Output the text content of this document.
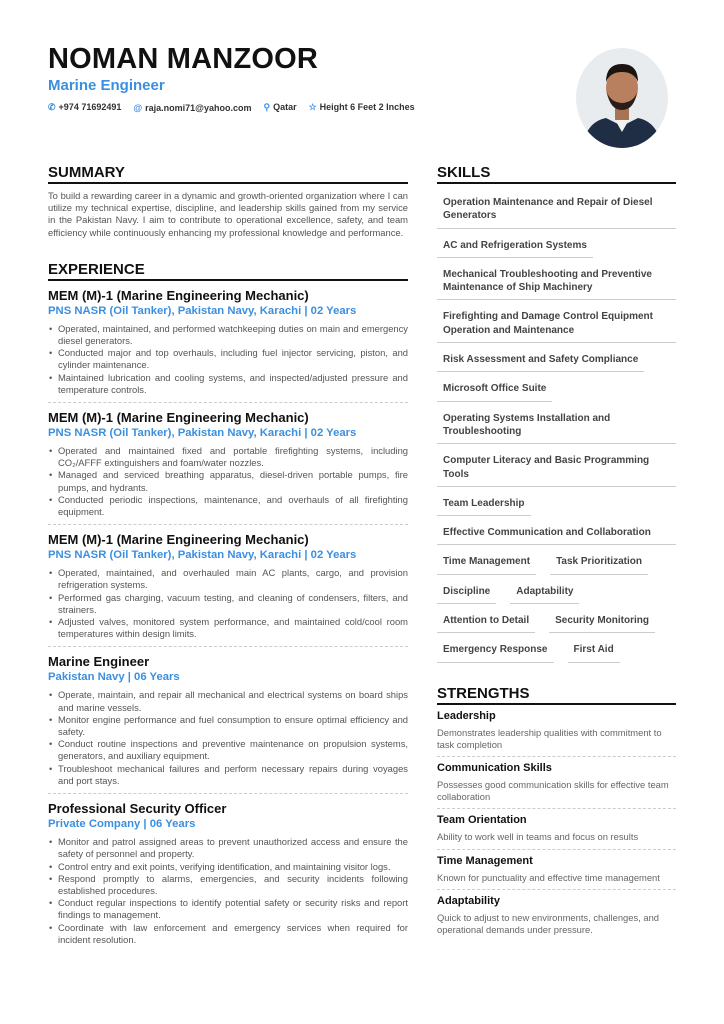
NOMAN MANZOOR
Marine Engineer
✆ +974 71692491 @ raja.nomi71@yahoo.com ⚲ Qatar ☆ Height 6 Feet 2 Inches
SUMMARY

To build a rewarding career in a dynamic and growth-oriented organization where I can utilize my technical expertise, discipline, and leadership skills gained from my service in the Pakistan Navy. I aim to contribute to operational excellence, safety, and team efficiency while continuously enhancing my professional knowledge and performance.

EXPERIENCE
MEM (M)-1 (Marine Engineering Mechanic)
PNS NASR (Oil Tanker), Pakistan Navy, Karachi | 02 Years
• Operated, maintained, and performed watchkeeping duties on main and emergency diesel generators.
• Conducted major and top overhauls, including fuel injector servicing, piston, and cylinder maintenance.
• Maintained lubrication and cooling systems, and inspected/adjusted pressure and temperature controls.
MEM (M)-1 (Marine Engineering Mechanic)
PNS NASR (Oil Tanker), Pakistan Navy, Karachi | 02 Years
• Operated and maintained fixed and portable firefighting systems, including CO₂/AFFF extinguishers and foam/water nozzles.
• Managed and serviced breathing apparatus, diesel-driven portable pumps, fire pumps, and hydrants.
• Conducted periodic inspections, maintenance, and overhauls of all firefighting equipment.
MEM (M)-1 (Marine Engineering Mechanic)
PNS NASR (Oil Tanker), Pakistan Navy, Karachi | 02 Years
• Operated, maintained, and overhauled main AC plants, cargo, and provision refrigeration systems.
• Performed gas charging, vacuum testing, and cleaning of condensers, filters, and strainers.
• Adjusted valves, monitored system performance, and maintained cold/cool room temperatures within design limits.
Marine Engineer
Pakistan Navy | 06 Years
• Operate, maintain, and repair all mechanical and electrical systems on board ships and marine vessels.
• Monitor engine performance and fuel consumption to ensure optimal efficiency and safety.
• Conduct routine inspections and preventive maintenance on propulsion systems, generators, and auxiliary equipment.
• Troubleshoot mechanical failures and perform necessary repairs during voyages and port stays.
Professional Security Officer
Private Company | 06 Years
• Monitor and patrol assigned areas to prevent unauthorized access and ensure the safety of personnel and property.
• Control entry and exit points, verifying identification, and maintaining visitor logs.
• Respond promptly to alarms, emergencies, and security incidents following established procedures.
• Conduct regular inspections to identify potential safety or security risks and report findings to management.
• Coordinate with law enforcement and emergency services when required for incident resolution.
SKILLS
Operation Maintenance and Repair of Diesel Generators
AC and Refrigeration Systems
Mechanical Troubleshooting and Preventive Maintenance of Ship Machinery
Firefighting and Damage Control Equipment Operation and Maintenance
Risk Assessment and Safety Compliance
Microsoft Office Suite
Operating Systems Installation and Troubleshooting
Computer Literacy and Basic Programming Tools
Team Leadership
Effective Communication and Collaboration
Time Management	Task Prioritization
Discipline	Adaptability
Attention to Detail	Security Monitoring
Emergency Response	First Aid
STRENGTHS
Leadership
Demonstrates leadership qualities with commitment to task completion
Communication Skills
Possesses good communication skills for effective team collaboration
Team Orientation
Ability to work well in teams and focus on results
Time Management
Known for punctuality and effective time management
Adaptability
Quick to adjust to new environments, challenges, and operational demands under pressure.
